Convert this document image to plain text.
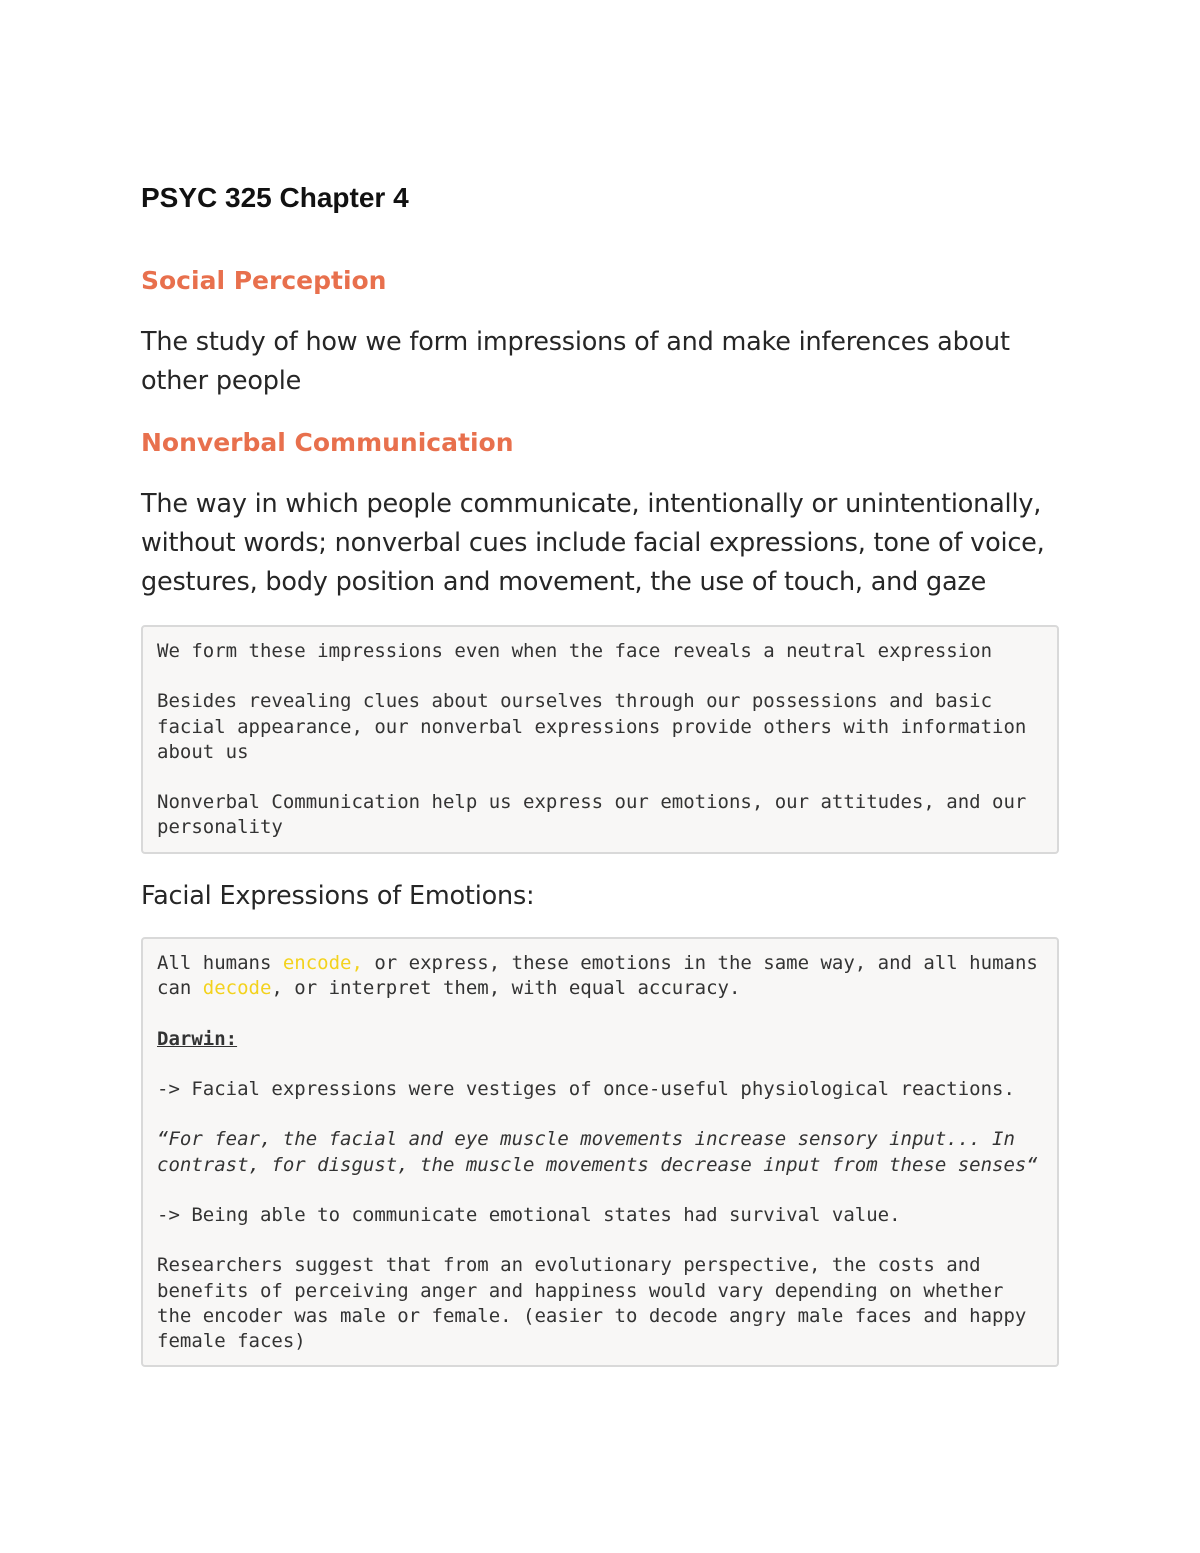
PSYC 325 Chapter 4
Social Perception

The study of how we form impressions of and make inferences about other people

Nonverbal Communication

The way in which people communicate, intentionally or unintentionally, without words; nonverbal cues include facial expressions, tone of voice, gestures, body position and movement, the use of touch, and gaze

We form these impressions even when the face reveals a neutral expression

Besides revealing clues about ourselves through our possessions and basic facial appearance, our nonverbal expressions provide others with information about us

Nonverbal Communication help us express our emotions, our attitudes, and our personality

Facial Expressions of Emotions:

All humans encode, or express, these emotions in the same way, and all humans can decode, or interpret them, with equal accuracy.

Darwin:

-> Facial expressions were vestiges of once-useful physiological reactions.

“For fear, the facial and eye muscle movements increase sensory input... In contrast, for disgust, the muscle movements decrease input from these senses“

-> Being able to communicate emotional states had survival value.

Researchers suggest that from an evolutionary perspective, the costs and benefits of perceiving anger and happiness would vary depending on whether the encoder was male or female. (easier to decode angry male faces and happy female faces)
